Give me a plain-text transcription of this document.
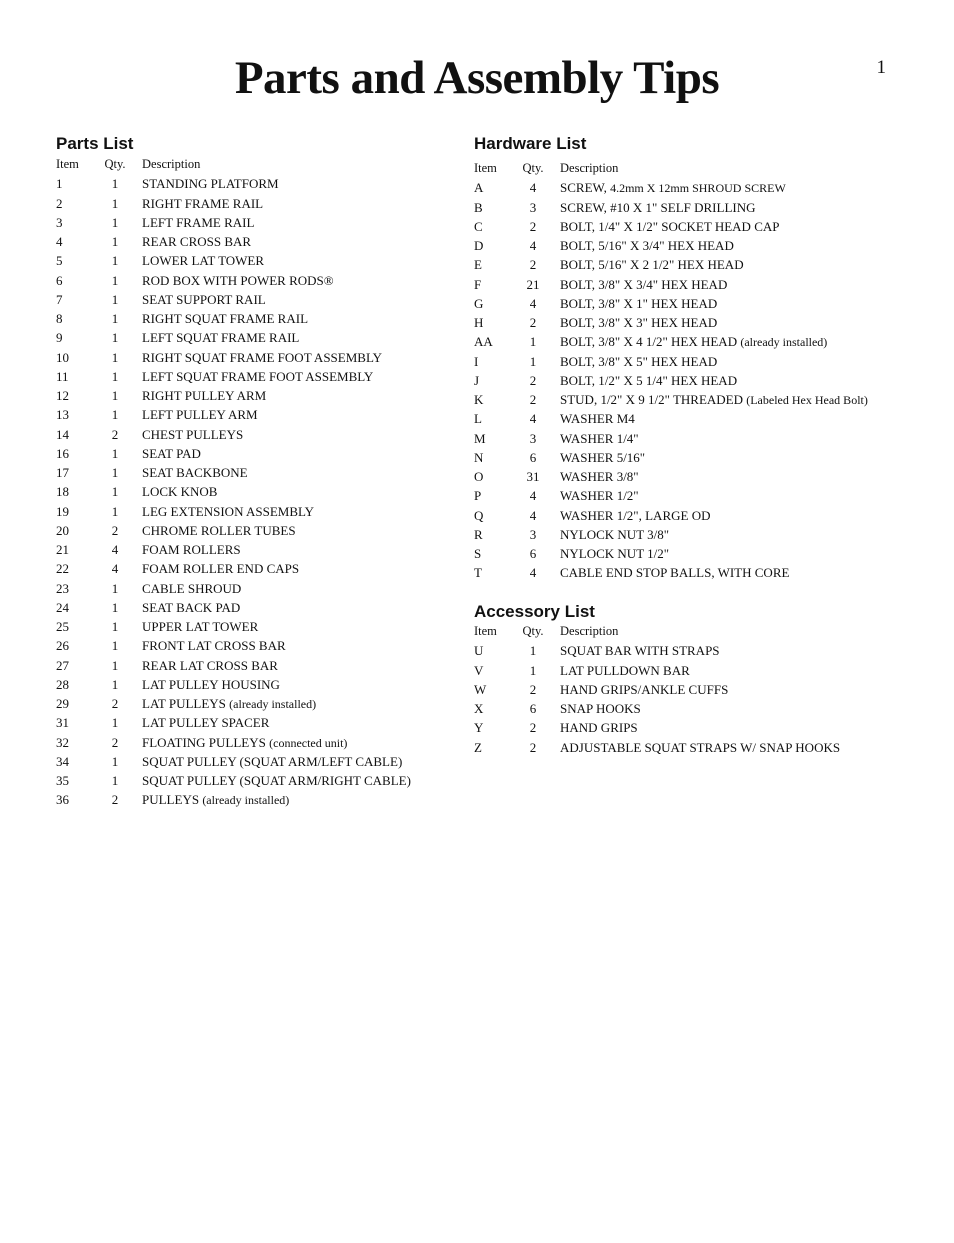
Parts and Assembly Tips	1
Parts List
Item	Qty.	Description
1	1	STANDING PLATFORM
2	1	RIGHT FRAME RAIL
3	1	LEFT FRAME RAIL
4	1	REAR CROSS BAR
5	1	LOWER LAT TOWER
6	1	ROD BOX WITH POWER RODS®
7	1	SEAT SUPPORT RAIL
8	1	RIGHT SQUAT FRAME RAIL
9	1	LEFT SQUAT FRAME RAIL
10	1	RIGHT SQUAT FRAME FOOT ASSEMBLY
11	1	LEFT SQUAT FRAME FOOT ASSEMBLY
12	1	RIGHT PULLEY ARM
13	1	LEFT PULLEY ARM
14	2	CHEST PULLEYS
16	1	SEAT PAD
17	1	SEAT BACKBONE
18	1	LOCK KNOB
19	1	LEG EXTENSION ASSEMBLY
20	2	CHROME ROLLER TUBES
21	4	FOAM ROLLERS
22	4	FOAM ROLLER END CAPS
23	1	CABLE SHROUD
24	1	SEAT BACK PAD
25	1	UPPER LAT TOWER
26	1	FRONT LAT CROSS BAR
27	1	REAR LAT CROSS BAR
28	1	LAT PULLEY HOUSING
29	2	LAT PULLEYS (already installed)
31	1	LAT PULLEY SPACER
32	2	FLOATING PULLEYS (connected unit)
34	1	SQUAT PULLEY (SQUAT ARM/LEFT CABLE)
35	1	SQUAT PULLEY (SQUAT ARM/RIGHT CABLE)
36	2	PULLEYS (already installed)
Hardware List
Item	Qty.	Description
A	4	SCREW, 4.2mm X 12mm SHROUD SCREW
B	3	SCREW, #10 X 1" SELF DRILLING
C	2	BOLT, 1/4" X 1/2" SOCKET HEAD CAP
D	4	BOLT, 5/16" X 3/4" HEX HEAD
E	2	BOLT, 5/16" X 2 1/2" HEX HEAD
F	21	BOLT, 3/8" X 3/4" HEX HEAD
G	4	BOLT, 3/8" X 1" HEX HEAD
H	2	BOLT, 3/8" X 3" HEX HEAD
AA	1	BOLT, 3/8" X 4 1/2" HEX HEAD (already installed)
I	1	BOLT, 3/8" X 5" HEX HEAD
J	2	BOLT, 1/2" X 5 1/4" HEX HEAD
K	2	STUD, 1/2" X 9 1/2" THREADED (Labeled Hex Head Bolt)
L	4	WASHER M4
M	3	WASHER 1/4"
N	6	WASHER 5/16"
O	31	WASHER 3/8"
P	4	WASHER 1/2"
Q	4	WASHER 1/2", LARGE OD
R	3	NYLOCK NUT 3/8"
S	6	NYLOCK NUT 1/2"
T	4	CABLE END STOP BALLS, WITH CORE
Accessory List
Item	Qty.	Description
U	1	SQUAT BAR WITH STRAPS
V	1	LAT PULLDOWN BAR
W	2	HAND GRIPS/ANKLE CUFFS
X	6	SNAP HOOKS
Y	2	HAND GRIPS
Z	2	ADJUSTABLE SQUAT STRAPS W/ SNAP HOOKS
